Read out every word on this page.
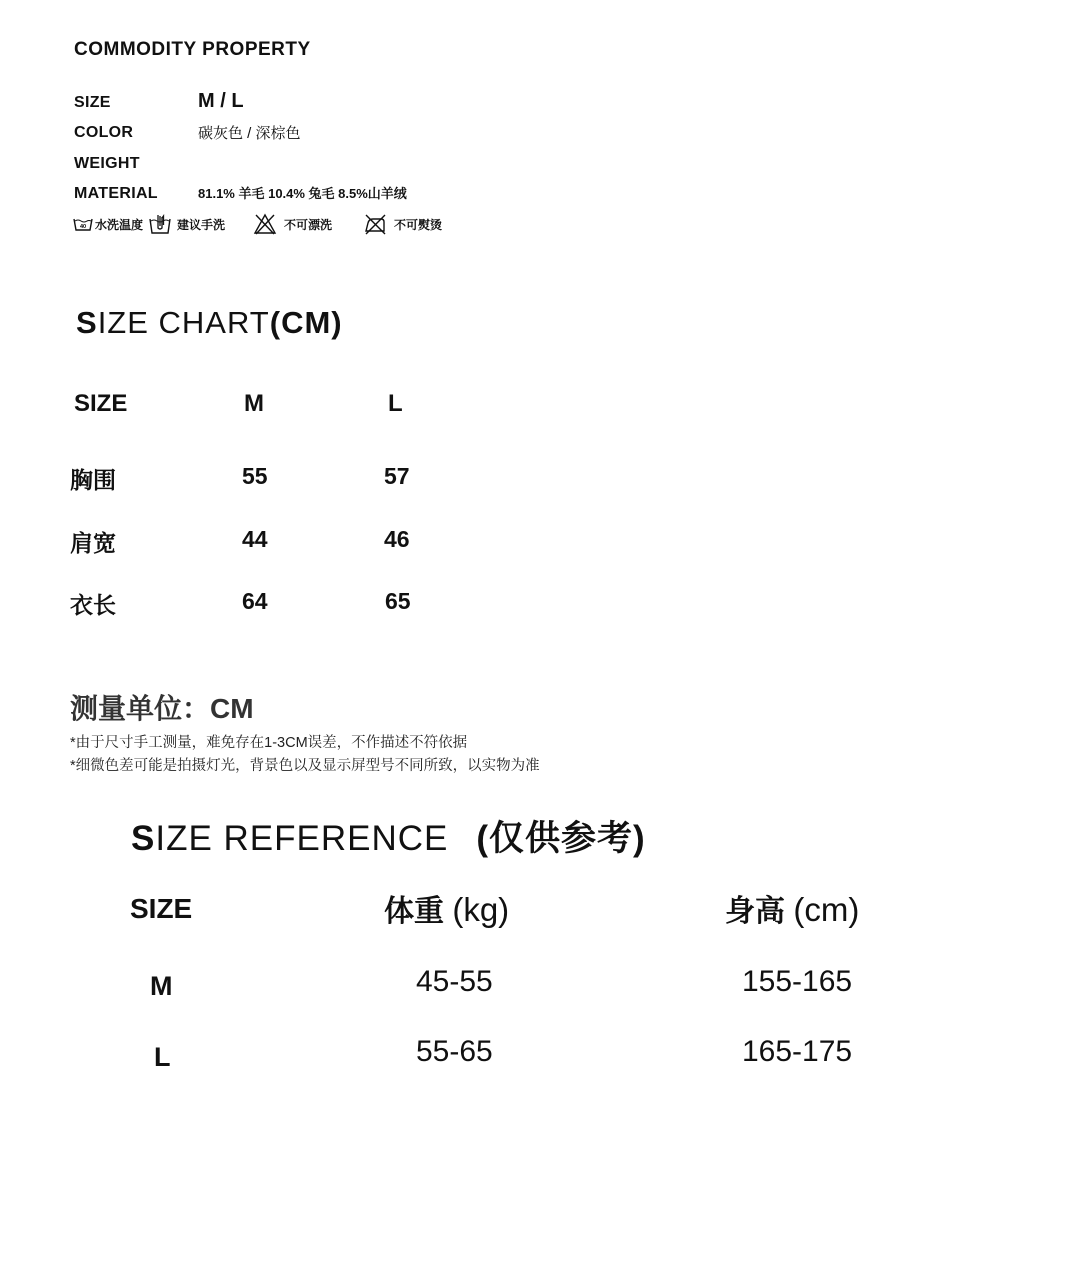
COMMODITY PROPERTY
SIZE	M / L
COLOR	碳灰色 / 深棕色
WEIGHT
MATERIAL	81.1% 羊毛 10.4% 兔毛 8.5%山羊绒
40 水洗温度	建议手洗	不可漂洗	不可熨烫
SIZE CHART(CM)
SIZE	M	L
胸围	55	57
肩宽	44	46
衣长	64	65
测量单位：CM
*由于尺寸手工测量，难免存在1-3CM误差，不作描述不符依据
*细微色差可能是拍摄灯光，背景色以及显示屏型号不同所致，以实物为准
SIZE REFERENCE (仅供参考)
SIZE	体重 (kg)	身高 (cm)
M	45-55	155-165
L	55-65	165-175
